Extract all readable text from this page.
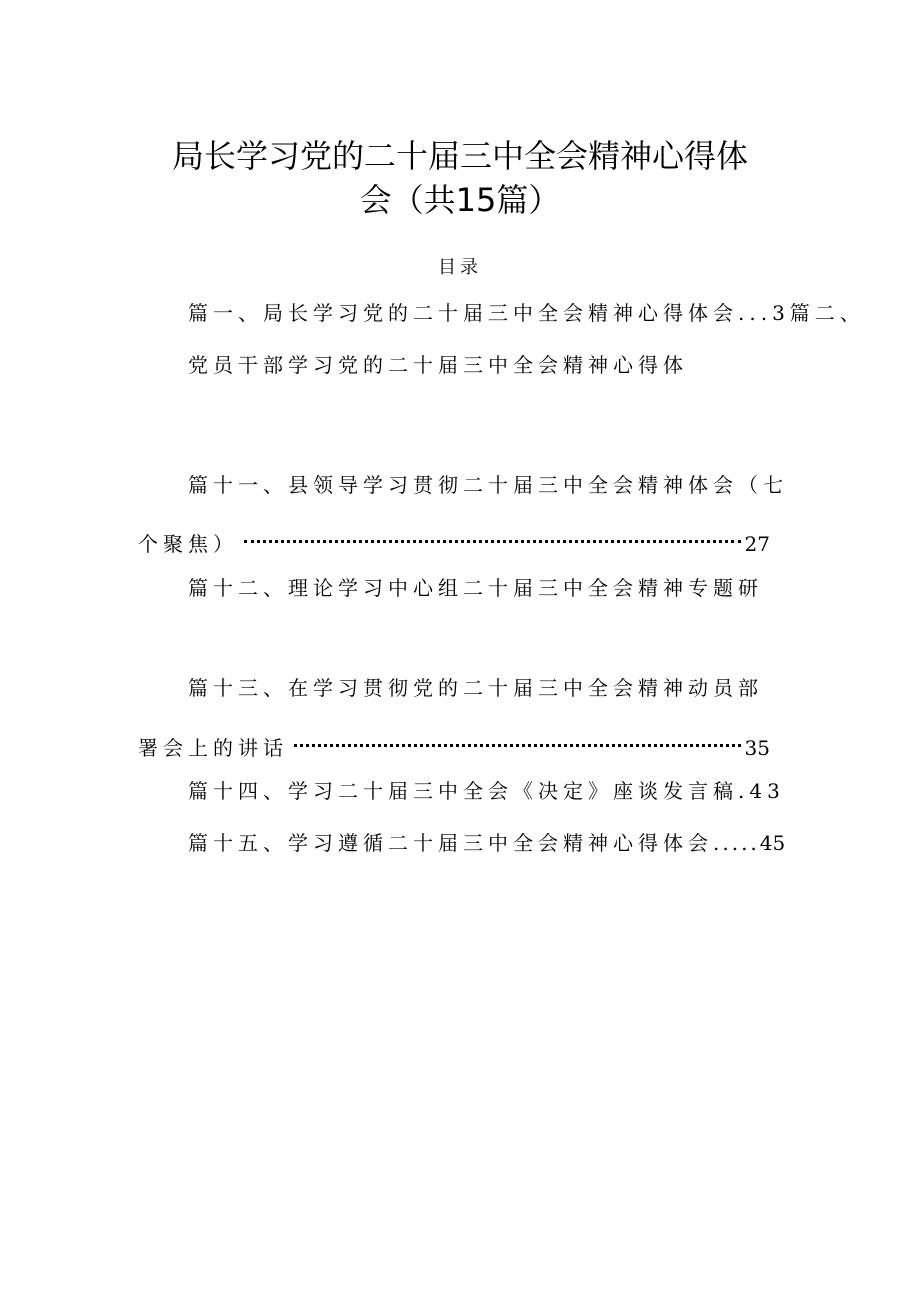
局长学习党的二十届三中全会精神心得体
会（共15篇）
目录
篇一、局长学习党的二十届三中全会精神心得体会...3篇二、
党员干部学习党的二十届三中全会精神心得体
篇十一、县领导学习贯彻二十届三中全会精神体会（七
个聚焦）	27
篇十二、理论学习中心组二十届三中全会精神专题研
篇十三、在学习贯彻党的二十届三中全会精神动员部
署会上的讲话	35
篇十四、学习二十届三中全会《决定》座谈发言稿.43
篇十五、学习遵循二十届三中全会精神心得体会 ..... 45
